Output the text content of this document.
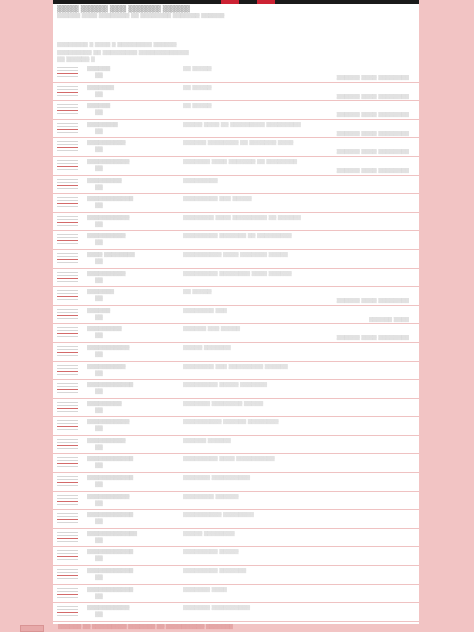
▓▓▓▓ ▓▓▓▓▓ ▓▓▓ ▓▓▓▓▓▓ ▓▓▓▓▓
▒▒▒▒▒▒ ▒▒▒▒ ▒▒▒▒▒▒▒▒ ▒▒ ▒▒▒▒▒▒▒▒ ▒▒▒▒▒▒▒ ▒▒▒▒▒▒
▒▒▒▒▒▒▒▒ ▒ ▒▒▒▒ ▒ ▒▒▒▒▒▒▒▒▒ ▒▒▒▒▒▒
▒▒▒▒▒▒▒▒▒ ▒▒ ▒▒▒▒▒▒▒▒▒ ▒▒▒▒▒▒▒▒▒▒▒▒▒
▒▒ ▒▒▒▒▒▒ ▒
▒▒▒▒▒▒
▒▒
▒▒ ▒▒▒▒▒
▒▒▒▒▒▒ ▒▒▒▒ ▒▒▒▒▒▒▒▒
▒▒▒▒▒▒▒
▒▒
▒▒ ▒▒▒▒▒
▒▒▒▒▒▒ ▒▒▒▒ ▒▒▒▒▒▒▒▒
▒▒▒▒▒▒
▒▒
▒▒ ▒▒▒▒▒
▒▒▒▒▒▒ ▒▒▒▒ ▒▒▒▒▒▒▒▒
▒▒▒▒▒▒▒▒
▒▒
▒▒▒▒▒ ▒▒▒▒ ▒▒ ▒▒▒▒▒▒▒▒▒ ▒▒▒▒▒▒▒▒▒
▒▒▒▒▒▒ ▒▒▒▒ ▒▒▒▒▒▒▒▒
▒▒▒▒▒▒▒▒▒▒
▒▒
▒▒▒▒▒▒ ▒▒▒▒▒▒▒▒ ▒▒ ▒▒▒▒▒▒▒ ▒▒▒▒
▒▒▒▒▒▒ ▒▒▒▒ ▒▒▒▒▒▒▒▒
▒▒▒▒▒▒▒▒▒▒▒
▒▒
▒▒▒▒▒▒▒ ▒▒▒▒ ▒▒▒▒▒▒▒ ▒▒ ▒▒▒▒▒▒▒▒
▒▒▒▒▒▒ ▒▒▒▒ ▒▒▒▒▒▒▒▒
▒▒▒▒▒▒▒▒▒
▒▒
▒▒▒▒▒▒▒▒▒
▒▒▒▒▒▒▒▒▒▒▒▒
▒▒
▒▒▒▒▒▒▒▒▒ ▒▒▒ ▒▒▒▒▒
▒▒▒▒▒▒▒▒▒▒▒
▒▒
▒▒▒▒▒▒▒▒ ▒▒▒▒ ▒▒▒▒▒▒▒▒▒ ▒▒ ▒▒▒▒▒▒
▒▒▒▒▒▒▒▒▒▒
▒▒
▒▒▒▒▒▒▒▒▒ ▒▒▒▒▒▒▒ ▒▒ ▒▒▒▒▒▒▒▒▒
▒▒▒▒ ▒▒▒▒▒▒▒▒
▒▒
▒▒▒▒▒▒▒▒▒▒ ▒▒▒▒ ▒▒▒▒▒▒▒ ▒▒▒▒▒
▒▒▒▒▒▒▒▒▒▒
▒▒
▒▒▒▒▒▒▒▒▒ ▒▒▒▒▒▒▒▒ ▒▒▒▒ ▒▒▒▒▒▒
▒▒▒▒▒▒▒
▒▒
▒▒ ▒▒▒▒▒
▒▒▒▒▒▒ ▒▒▒▒ ▒▒▒▒▒▒▒▒
▒▒▒▒▒▒
▒▒
▒▒▒▒▒▒▒▒ ▒▒▒
▒▒▒▒▒▒ ▒▒▒▒
▒▒▒▒▒▒▒▒▒
▒▒
▒▒▒▒▒▒ ▒▒▒ ▒▒▒▒▒
▒▒▒▒▒▒ ▒▒▒▒ ▒▒▒▒▒▒▒▒
▒▒▒▒▒▒▒▒▒▒▒
▒▒
▒▒▒▒▒ ▒▒▒▒▒▒▒
▒▒▒▒▒▒▒▒▒▒
▒▒
▒▒▒▒▒▒▒▒ ▒▒▒ ▒▒▒▒▒▒▒▒▒ ▒▒▒▒▒▒
▒▒▒▒▒▒▒▒▒▒▒▒
▒▒
▒▒▒▒▒▒▒▒▒ ▒▒▒▒▒ ▒▒▒▒▒▒▒
▒▒▒▒▒▒▒▒▒
▒▒
▒▒▒▒▒▒▒ ▒▒▒▒▒▒▒▒ ▒▒▒▒▒
▒▒▒▒▒▒▒▒▒▒▒
▒▒
▒▒▒▒▒▒▒▒▒▒ ▒▒▒▒▒▒ ▒▒▒▒▒▒▒▒
▒▒▒▒▒▒▒▒▒▒
▒▒
▒▒▒▒▒▒ ▒▒▒▒▒▒
▒▒▒▒▒▒▒▒▒▒▒▒
▒▒
▒▒▒▒▒▒▒▒▒ ▒▒▒▒ ▒▒▒▒▒▒▒▒▒▒
▒▒▒▒▒▒▒▒▒▒▒▒
▒▒
▒▒▒▒▒▒▒ ▒▒▒▒▒▒▒▒▒▒
▒▒▒▒▒▒▒▒▒▒▒
▒▒
▒▒▒▒▒▒▒▒ ▒▒▒▒▒▒
▒▒▒▒▒▒▒▒▒▒▒▒
▒▒
▒▒▒▒▒▒▒▒▒▒ ▒▒▒▒▒▒▒▒
▒▒▒▒▒▒▒▒▒▒▒▒▒
▒▒
▒▒▒▒▒ ▒▒▒▒▒▒▒▒
▒▒▒▒▒▒▒▒▒▒▒▒
▒▒
▒▒▒▒▒▒▒▒▒ ▒▒▒▒▒
▒▒▒▒▒▒▒▒▒▒▒▒
▒▒
▒▒▒▒▒▒▒▒▒ ▒▒▒▒▒▒▒
▒▒▒▒▒▒▒▒▒▒▒▒
▒▒
▒▒▒▒▒▒▒ ▒▒▒▒
▒▒▒▒▒▒▒▒▒▒▒
▒▒
▒▒▒▒▒▒▒ ▒▒▒▒▒▒▒▒▒▒
▒▒▒▒▒▒ ▒▒ ▒▒▒▒▒▒▒▒▒ ▒▒▒▒▒▒▒ ▒▒ ▒▒▒▒▒▒▒▒▒▒ ▒▒▒▒▒▒▒
